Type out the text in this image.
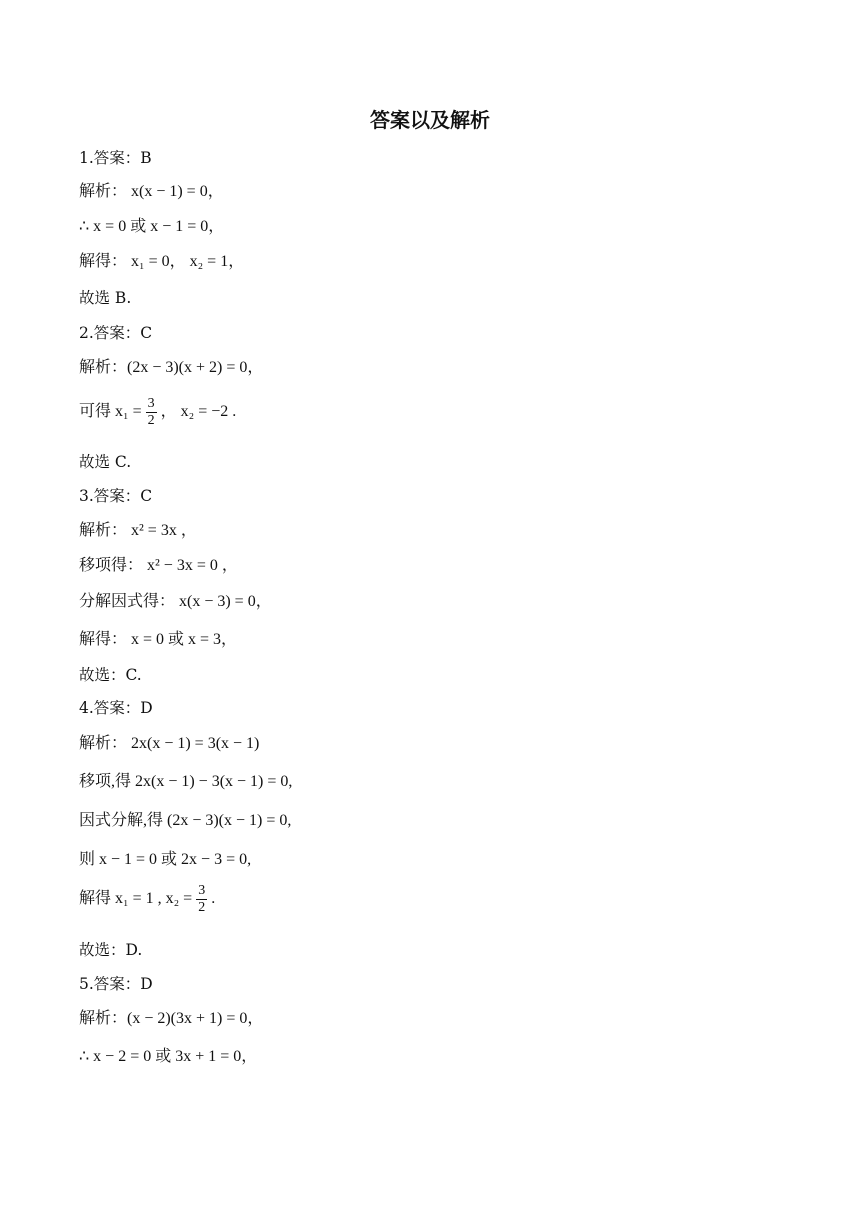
答案以及解析
1.答案：B
解析： x(x − 1) = 0，
∴ x = 0 或 x − 1 = 0，
解得： x₁ = 0， x₂ = 1，
故选 B.
2.答案：C
解析：(2x − 3)(x + 2) = 0，
可得 $x_1 = \frac{3}{2}$ ， x₂ = −2 .
故选 C.
3.答案：C
解析： x² = 3x ，
移项得： x² − 3x = 0 ，
分解因式得： x(x − 3) = 0，
解得： x = 0 或 x = 3，
故选：C.
4.答案：D
解析： 2x(x − 1) = 3(x − 1)
移项,得 2x(x − 1) − 3(x − 1) = 0,
因式分解,得 (2x − 3)(x − 1) = 0,
则 x − 1 = 0 或 2x − 3 = 0,
解得 x₁ = 1 , $x_2 = \frac{3}{2}$ .
故选：D.
5.答案：D
解析：(x − 2)(3x + 1) = 0，
∴ x − 2 = 0 或 3x + 1 = 0，
